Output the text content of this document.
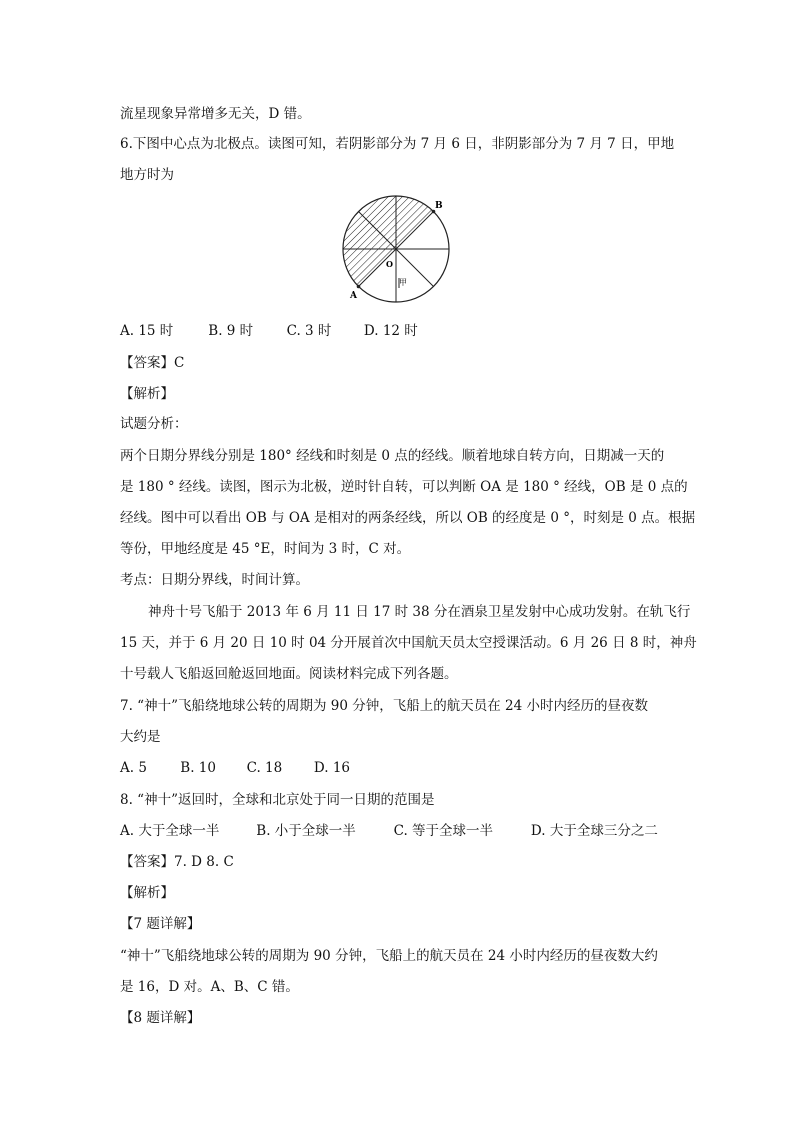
流星现象异常增多无关，D 错。
6.下图中心点为北极点。读图可知，若阴影部分为 7 月 6 日，非阴影部分为 7 月 7 日，甲地
地方时为
B
A
O
甲
A. 15 时	B. 9 时 C. 3 时 D. 12 时
【答案】C
【解析】
试题分析：
两个日期分界线分别是 180° 经线和时刻是 0 点的经线。顺着地球自转方向，日期减一天的
是 180 ° 经线。读图，图示为北极，逆时针自转，可以判断 OA 是 180 ° 经线，OB 是 0 点的
经线。图中可以看出 OB 与 OA 是相对的两条经线，所以 OB 的经度是 0 °，时刻是 0 点。根据
等份，甲地经度是 45 °E，时间为 3 时，C 对。
考点：日期分界线，时间计算。
神舟十号飞船于 2013 年 6 月 11 日 17 时 38 分在酒泉卫星发射中心成功发射。在轨飞行
15 天，并于 6 月 20 日 10 时 04 分开展首次中国航天员太空授课活动。6 月 26 日 8 时，神舟
十号载人飞船返回舱返回地面。阅读材料完成下列各题。
7. “神十”飞船绕地球公转的周期为 90 分钟，飞船上的航天员在 24 小时内经历的昼夜数
大约是
A. 5 B. 10 C. 18 D. 16
8. “神十”返回时，全球和北京处于同一日期的范围是
A. 大于全球一半	B. 小于全球一半	C. 等于全球一半	D. 大于全球三分之二
【答案】7. D 8. C
【解析】
【7 题详解】
“神十”飞船绕地球公转的周期为 90 分钟，飞船上的航天员在 24 小时内经历的昼夜数大约
是 16，D 对。A、B、C 错。
【8 题详解】
